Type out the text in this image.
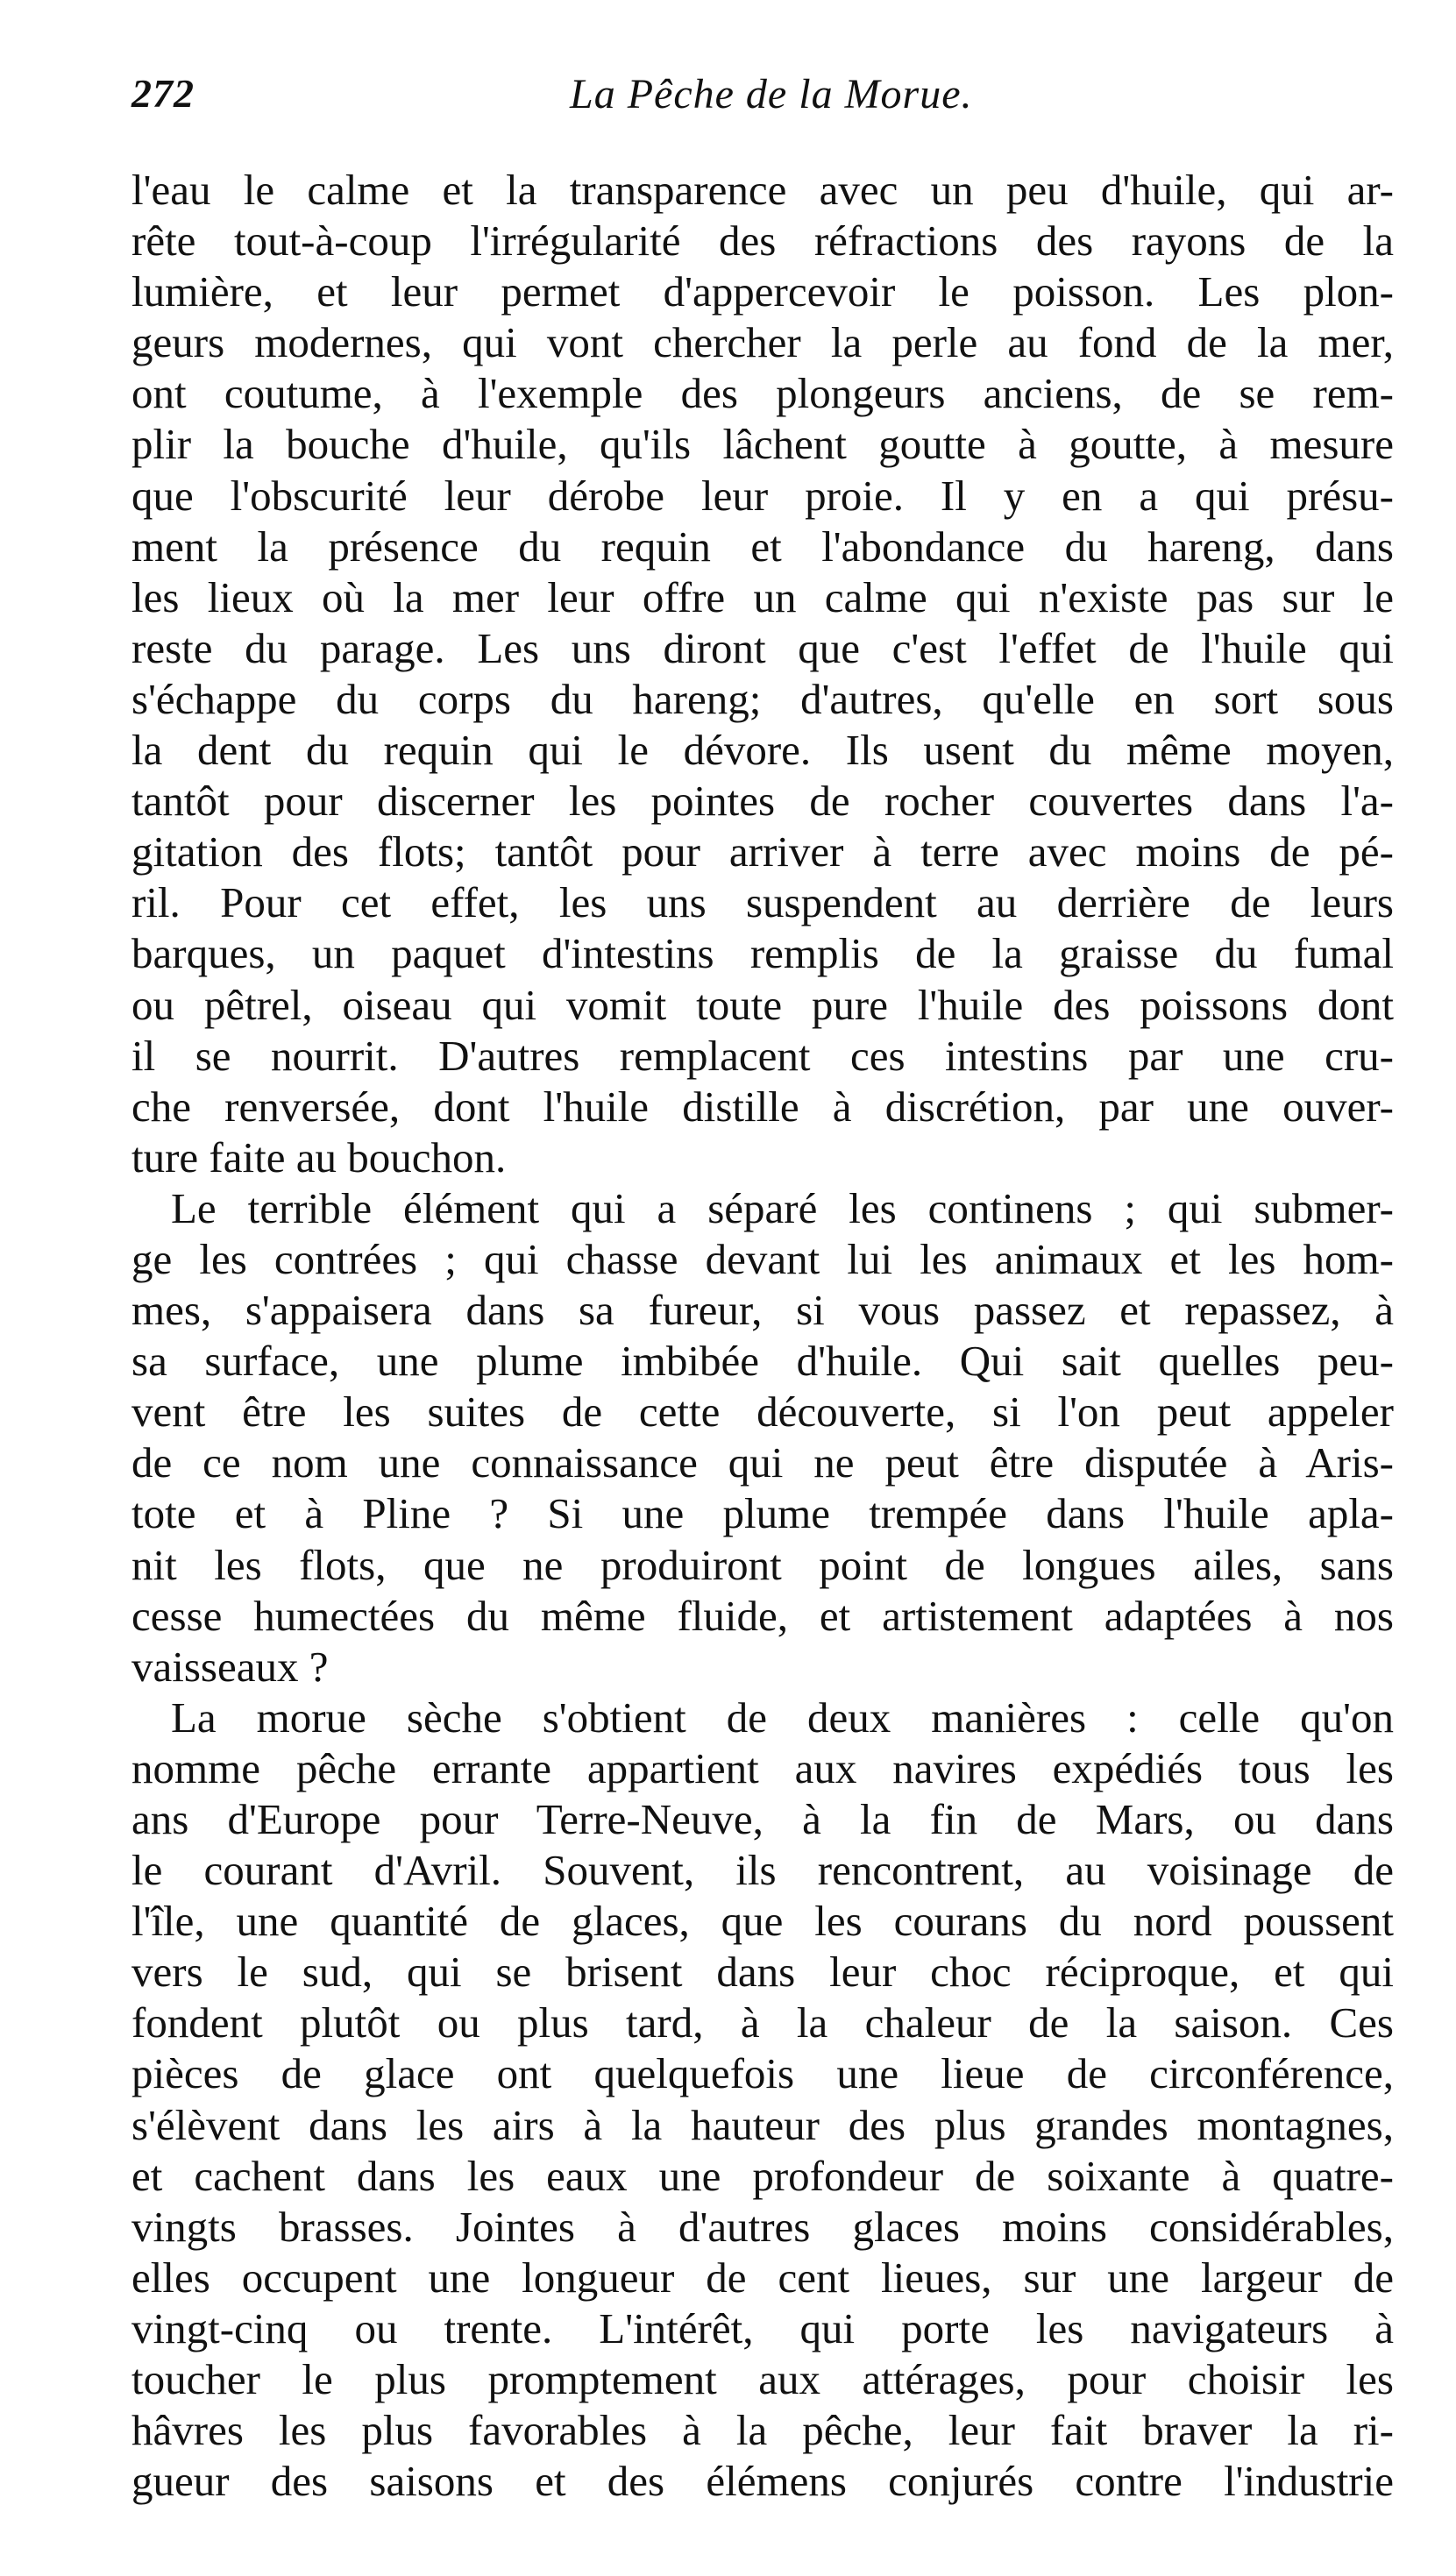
272	La Pêche de la Morue.
l'eau le calme et la transparence avec un peu d'huile, qui ar-
rête tout-à-coup l'irrégularité des réfractions des rayons de la
lumière, et leur permet d'appercevoir le poisson. Les plon-
geurs modernes, qui vont chercher la perle au fond de la mer,
ont coutume, à l'exemple des plongeurs anciens, de se rem-
plir la bouche d'huile, qu'ils lâchent goutte à goutte, à mesure
que l'obscurité leur dérobe leur proie. Il y en a qui présu-
ment la présence du requin et l'abondance du hareng, dans
les lieux où la mer leur offre un calme qui n'existe pas sur le
reste du parage. Les uns diront que c'est l'effet de l'huile qui
s'échappe du corps du hareng; d'autres, qu'elle en sort sous
la dent du requin qui le dévore. Ils usent du même moyen,
tantôt pour discerner les pointes de rocher couvertes dans l'a-
gitation des flots; tantôt pour arriver à terre avec moins de pé-
ril. Pour cet effet, les uns suspendent au derrière de leurs
barques, un paquet d'intestins remplis de la graisse du fumal
ou pêtrel, oiseau qui vomit toute pure l'huile des poissons dont
il se nourrit. D'autres remplacent ces intestins par une cru-
che renversée, dont l'huile distille à discrétion, par une ouver-
ture faite au bouchon.
Le terrible élément qui a séparé les continens ; qui submer-
ge les contrées ; qui chasse devant lui les animaux et les hom-
mes, s'appaisera dans sa fureur, si vous passez et repassez, à
sa surface, une plume imbibée d'huile. Qui sait quelles peu-
vent être les suites de cette découverte, si l'on peut appeler
de ce nom une connaissance qui ne peut être disputée à Aris-
tote et à Pline ? Si une plume trempée dans l'huile apla-
nit les flots, que ne produiront point de longues ailes, sans
cesse humectées du même fluide, et artistement adaptées à nos
vaisseaux ?
La morue sèche s'obtient de deux manières : celle qu'on
nomme pêche errante appartient aux navires expédiés tous les
ans d'Europe pour Terre-Neuve, à la fin de Mars, ou dans
le courant d'Avril. Souvent, ils rencontrent, au voisinage de
l'île, une quantité de glaces, que les courans du nord poussent
vers le sud, qui se brisent dans leur choc réciproque, et qui
fondent plutôt ou plus tard, à la chaleur de la saison. Ces
pièces de glace ont quelquefois une lieue de circonférence,
s'élèvent dans les airs à la hauteur des plus grandes montagnes,
et cachent dans les eaux une profondeur de soixante à quatre-
vingts brasses. Jointes à d'autres glaces moins considérables,
elles occupent une longueur de cent lieues, sur une largeur de
vingt-cinq ou trente. L'intérêt, qui porte les navigateurs à
toucher le plus promptement aux attérages, pour choisir les
hâvres les plus favorables à la pêche, leur fait braver la ri-
gueur des saisons et des élémens conjurés contre l'industrie
